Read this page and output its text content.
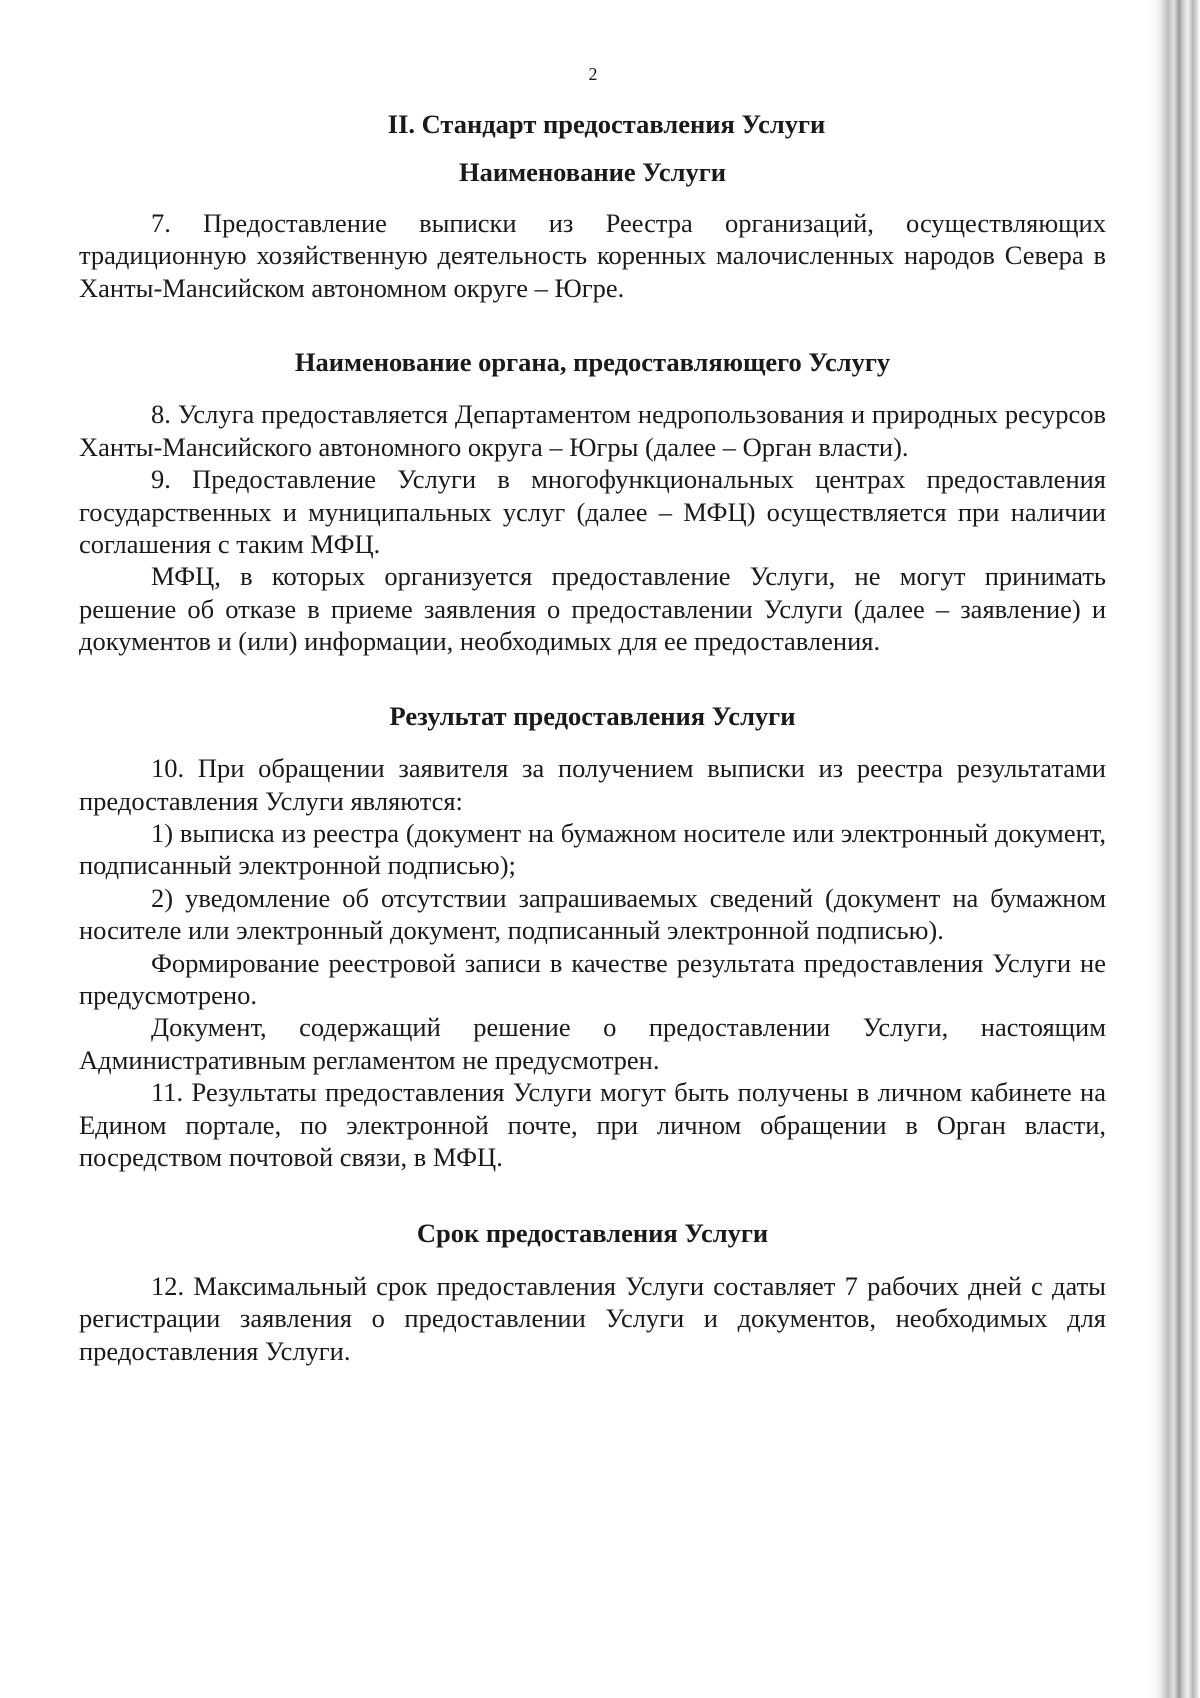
2
II. Стандарт предоставления Услуги
Наименование Услуги

7. Предоставление выписки из Реестра организаций, осуществляющих традиционную хозяйственную деятельность коренных малочисленных народов Севера в Ханты-Мансийском автономном округе – Югре.

Наименование органа, предоставляющего Услугу

8. Услуга предоставляется Департаментом недропользования и природных ресурсов Ханты-Мансийского автономного округа – Югры (далее – Орган власти).

9. Предоставление Услуги в многофункциональных центрах предоставления государственных и муниципальных услуг (далее – МФЦ) осуществляется при наличии соглашения с таким МФЦ.

МФЦ, в которых организуется предоставление Услуги, не могут принимать решение об отказе в приеме заявления о предоставлении Услуги (далее – заявление) и документов и (или) информации, необходимых для ее предоставления.

Результат предоставления Услуги

10. При обращении заявителя за получением выписки из реестра результатами предоставления Услуги являются:

1) выписка из реестра (документ на бумажном носителе или электронный документ, подписанный электронной подписью);

2) уведомление об отсутствии запрашиваемых сведений (документ на бумажном носителе или электронный документ, подписанный электронной подписью).

Формирование реестровой записи в качестве результата предоставления Услуги не предусмотрено.

Документ, содержащий решение о предоставлении Услуги, настоящим Административным регламентом не предусмотрен.

11. Результаты предоставления Услуги могут быть получены в личном кабинете на Едином портале, по электронной почте, при личном обращении в Орган власти, посредством почтовой связи, в МФЦ.

Срок предоставления Услуги

12. Максимальный срок предоставления Услуги составляет 7 рабочих дней с даты регистрации заявления о предоставлении Услуги и документов, необходимых для предоставления Услуги.
